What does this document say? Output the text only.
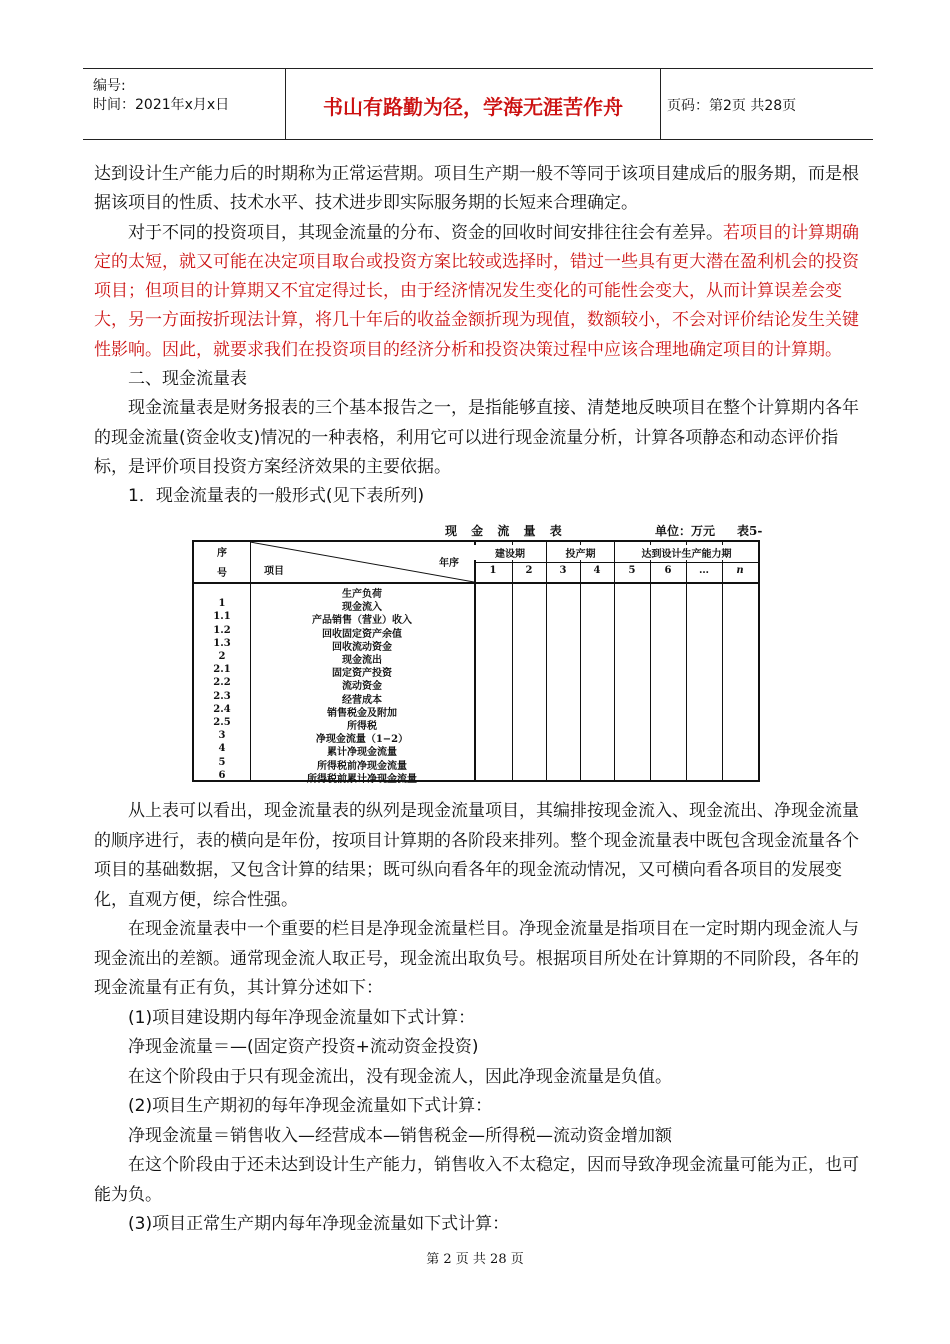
编号:
时间：2021年x月x日	书山有路勤为径，学海无涯苦作舟	页码：第2页 共28页

达到设计生产能力后的时期称为正常运营期。项目生产期一般不等同于该项目建成后的服务期，而是根据该项目的性质、技术水平、技术进步即实际服务期的长短来合理确定。

对于不同的投资项目，其现金流量的分布、资金的回收时间安排往往会有差异。若项目的计算期确定的太短，就又可能在决定项目取台或投资方案比较或选择时，错过一些具有更大潜在盈利机会的投资项目；但项目的计算期又不宜定得过长，由于经济情况发生变化的可能性会变大，从而计算误差会变大，另一方面按折现法计算，将几十年后的收益金额折现为现值，数额较小，不会对评价结论发生关键性影响。因此，就要求我们在投资项目的经济分析和投资决策过程中应该合理地确定项目的计算期。

二、现金流量表

现金流量表是财务报表的三个基本报告之一，是指能够直接、清楚地反映项目在整个计算期内各年的现金流量(资金收支)情况的一种表格，利用它可以进行现金流量分析，计算各项静态和动态评价指标，是评价项目投资方案经济效果的主要依据。

1．现金流量表的一般形式(见下表所列)

现 金 流 量 表	单位：万元 表5-
序
号	项目
年序
建设期	投产期	达到设计生产能力期
1	2	3	4	5	6	…	n
生产负荷
1	现金流入
1.1	产品销售（营业）收入
1.2	回收固定资产余值
1.3	回收流动资金
2	现金流出
2.1	固定资产投资
2.2	流动资金
2.3	经营成本
2.4	销售税金及附加
2.5	所得税
3	净现金流量（1−2）
4	累计净现金流量
5	所得税前净现金流量
6	所得税前累计净现金流量

从上表可以看出，现金流量表的纵列是现金流量项目，其编排按现金流入、现金流出、净现金流量的顺序进行，表的横向是年份，按项目计算期的各阶段来排列。整个现金流量表中既包含现金流量各个项目的基础数据，又包含计算的结果；既可纵向看各年的现金流动情况，又可横向看各项目的发展变化，直观方便，综合性强。

在现金流量表中一个重要的栏目是净现金流量栏目。净现金流量是指项目在一定时期内现金流人与现金流出的差额。通常现金流人取正号，现金流出取负号。根据项目所处在计算期的不同阶段，各年的现金流量有正有负，其计算分述如下：

(1)项目建设期内每年净现金流量如下式计算：

净现金流量＝—(固定资产投资+流动资金投资)

在这个阶段由于只有现金流出，没有现金流人，因此净现金流量是负值。

(2)项目生产期初的每年净现金流量如下式计算：

净现金流量＝销售收入—经营成本—销售税金—所得税—流动资金增加额

在这个阶段由于还未达到设计生产能力，销售收入不太稳定，因而导致净现金流量可能为正，也可能为负。

(3)项目正常生产期内每年净现金流量如下式计算：

第 2 页 共 28 页
